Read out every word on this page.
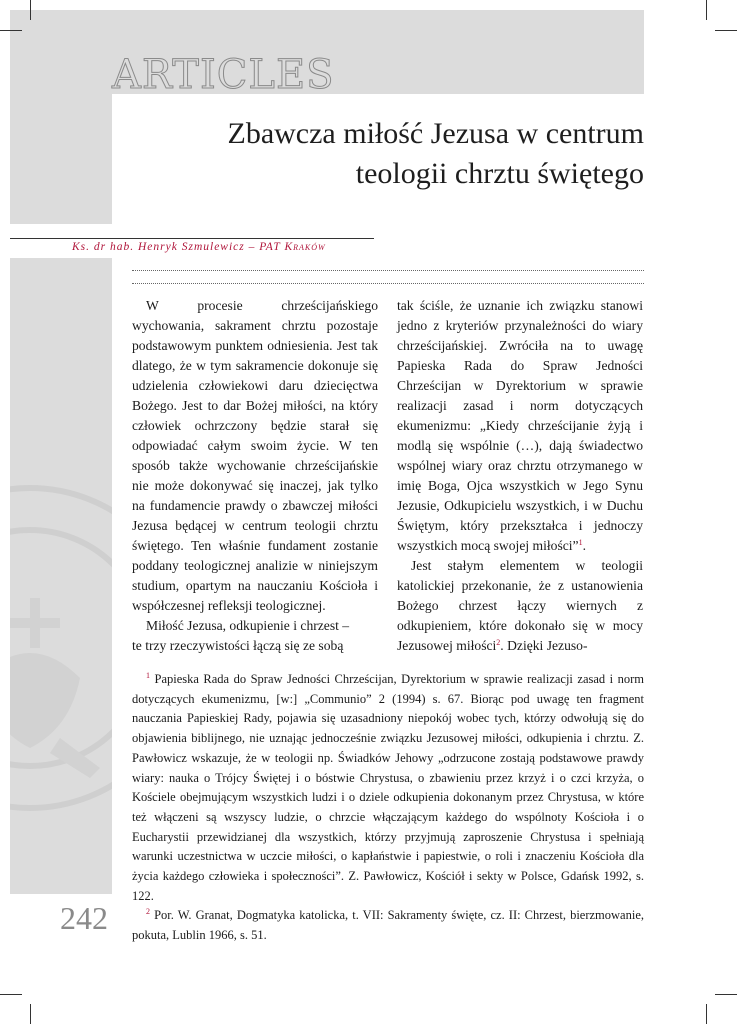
ARTICLES
Zbawcza miłość Jezusa w centrum
teologii chrztu świętego
Ks. dr hab. Henryk Szmulewicz – PAT Kraków

W procesie chrześcijańskiego wychowania, sakrament chrztu pozostaje podstawowym punktem odniesienia. Jest tak dlatego, że w tym sakramencie dokonuje się udzielenia człowiekowi daru dziecięctwa Bożego. Jest to dar Bożej miłości, na który człowiek ochrzczony będzie starał się odpowiadać całym swoim życie. W ten sposób także wychowanie chrześcijańskie nie może dokonywać się inaczej, jak tylko na fundamencie prawdy o zbawczej miłości Jezusa będącej w centrum teologii chrztu świętego. Ten właśnie fundament zostanie poddany teologicznej analizie w niniejszym studium, opartym na nauczaniu Kościoła i współczesnej refleksji teologicznej.

Miłość Jezusa, odkupienie i chrzest –
te trzy rzeczywistości łączą się ze sobą

tak ściśle, że uznanie ich związku stanowi jedno z kryteriów przynależności do wiary chrześcijańskiej. Zwróciła na to uwagę Papieska Rada do Spraw Jedności Chrześcijan w Dyrektorium w sprawie realizacji zasad i norm dotyczących ekumenizmu: „Kiedy chrześcijanie żyją i modlą się wspólnie (…), dają świadectwo wspólnej wiary oraz chrztu otrzymanego w imię Boga, Ojca wszystkich w Jego Synu Jezusie, Odkupicielu wszystkich, i w Duchu Świętym, który przekształca i jednoczy wszystkich mocą swojej miłości”$^1$.

Jest stałym elementem w teologii katolickiej przekonanie, że z ustanowienia Bożego chrzest łączy wiernych z odkupieniem, które dokonało się w mocy Jezusowej miłości$^2$. Dzięki Jezuso-

$^1$ Papieska Rada do Spraw Jedności Chrześcijan, Dyrektorium w sprawie realizacji zasad i norm dotyczących ekumenizmu, [w:] „Communio” 2 (1994) s. 67. Biorąc pod uwagę ten fragment nauczania Papieskiej Rady, pojawia się uzasadniony niepokój wobec tych, którzy odwołują się do objawienia biblijnego, nie uznając jednocześnie związku Jezusowej miłości, odkupienia i chrztu. Z. Pawłowicz wskazuje, że w teologii np. Świadków Jehowy „odrzucone zostają podstawowe prawdy wiary: nauka o Trójcy Świętej i o bóstwie Chrystusa, o zbawieniu przez krzyż i o czci krzyża, o Kościele obejmującym wszystkich ludzi i o dziele odkupienia dokonanym przez Chrystusa, w które też włączeni są wszyscy ludzie, o chrzcie włączającym każdego do wspólnoty Kościoła i o Eucharystii przewidzianej dla wszystkich, którzy przyjmują zaproszenie Chrystusa i spełniają warunki uczestnictwa w uczcie miłości, o kapłaństwie i papiestwie, o roli i znaczeniu Kościoła dla życia każdego człowieka i społeczności”. Z. Pawłowicz, Kościół i sekty w Polsce, Gdańsk 1992, s. 122.

$^2$ Por. W. Granat, Dogmatyka katolicka, t. VII: Sakramenty święte, cz. II: Chrzest, bierzmowanie, pokuta, Lublin 1966, s. 51.

242
